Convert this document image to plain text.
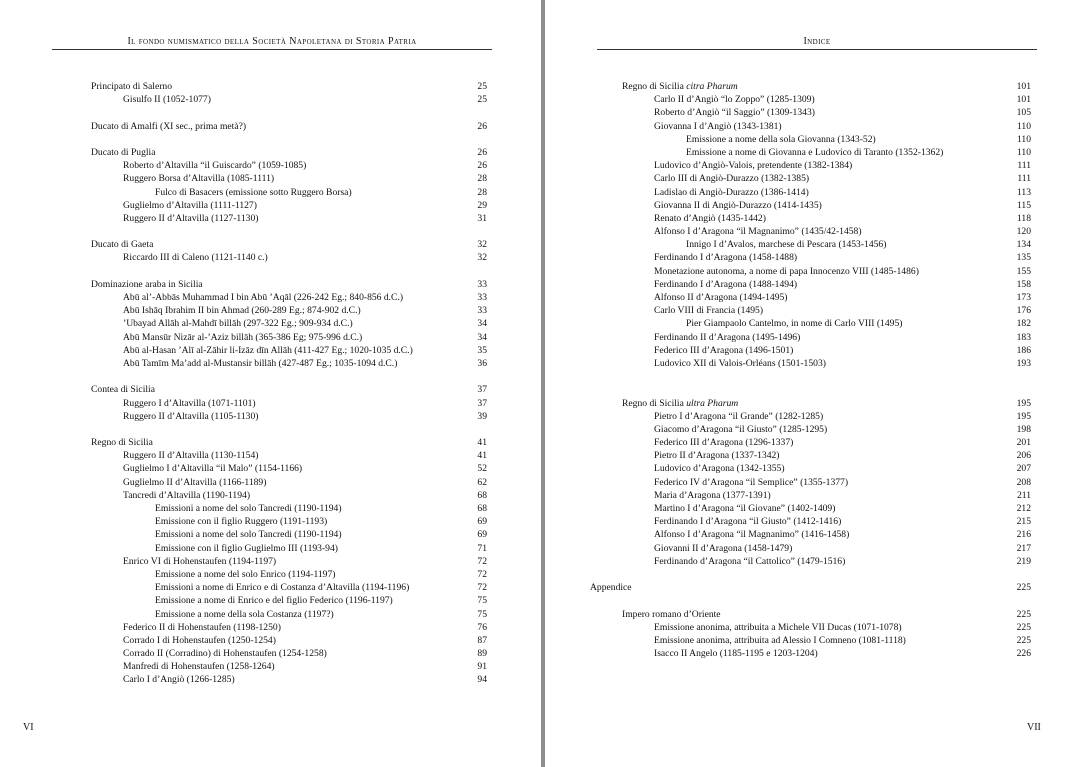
Il fondo numismatico della Società Napoletana di Storia Patria
Principato di Salerno	25
Gisulfo II (1052-1077)	25
Ducato di Amalfi (XI sec., prima metà?)	26
Ducato di Puglia	26
Roberto d’Altavilla “il Guiscardo” (1059-1085)	26
Ruggero Borsa d’Altavilla (1085-1111)	28
Fulco di Basacers (emissione sotto Ruggero Borsa)	28
Guglielmo d’Altavilla (1111-1127)	29
Ruggero II d’Altavilla (1127-1130)	31
Ducato di Gaeta	32
Riccardo III di Caleno (1121-1140 c.)	32
Dominazione araba in Sicilia	33
Abū al’-Abbās Muhammad I bin Abū ’Aqāl (226-242 Eg.; 840-856 d.C.)	33
Abū Ishāq Ibrahim II bin Ahmad (260-289 Eg.; 874-902 d.C.)	33
’Ubayad Allāh al-Mahdī billāh (297-322 Eg.; 909-934 d.C.)	34
Abū Mansūr Nizār al-’Aziz billāh (365-386 Eg; 975-996 d.C.)	34
Abū al-Hasan ’Alī al-Zāhir li-Izāz dīn Allāh (411-427 Eg.; 1020-1035 d.C.)	35
Abū Tamīm Ma’add al-Mustansir billāh (427-487 Eg.; 1035-1094 d.C.)	36
Contea di Sicilia	37
Ruggero I d’Altavilla (1071-1101)	37
Ruggero II d’Altavilla (1105-1130)	39
Regno di Sicilia	41
Ruggero II d’Altavilla (1130-1154)	41
Guglielmo I d’Altavilla “il Malo” (1154-1166)	52
Guglielmo II d’Altavilla (1166-1189)	62
Tancredi d’Altavilla (1190-1194)	68
Emissioni a nome del solo Tancredi (1190-1194)	68
Emissione con il figlio Ruggero (1191-1193)	69
Emissioni a nome del solo Tancredi (1190-1194)	69
Emissione con il figlio Guglielmo III (1193-94)	71
Enrico VI di Hohenstaufen (1194-1197)	72
Emissione a nome del solo Enrico (1194-1197)	72
Emissioni a nome di Enrico e di Costanza d’Altavilla (1194-1196)	72
Emissione a nome di Enrico e del figlio Federico (1196-1197)	75
Emissione a nome della sola Costanza (1197?)	75
Federico II di Hohenstaufen (1198-1250)	76
Corrado I di Hohenstaufen (1250-1254)	87
Corrado II (Corradino) di Hohenstaufen (1254-1258)	89
Manfredi di Hohenstaufen (1258-1264)	91
Carlo I d’Angiò (1266-1285)	94
VI
Indice
Regno di Sicilia citra Pharum	101
Carlo II d’Angiò “lo Zoppo” (1285-1309)	101
Roberto d’Angiò “il Saggio” (1309-1343)	105
Giovanna I d’Angiò (1343-1381)	110
Emissione a nome della sola Giovanna (1343-52)	110
Emissione a nome di Giovanna e Ludovico di Taranto (1352-1362)	110
Ludovico d’Angiò-Valois, pretendente (1382-1384)	111
Carlo III di Angiò-Durazzo (1382-1385)	111
Ladislao di Angiò-Durazzo (1386-1414)	113
Giovanna II di Angiò-Durazzo (1414-1435)	115
Renato d’Angiò (1435-1442)	118
Alfonso I d’Aragona “il Magnanimo” (1435/42-1458)	120
Innigo I d’Avalos, marchese di Pescara (1453-1456)	134
Ferdinando I d’Aragona (1458-1488)	135
Monetazione autonoma, a nome di papa Innocenzo VIII (1485-1486)	155
Ferdinando I d’Aragona (1488-1494)	158
Alfonso II d’Aragona (1494-1495)	173
Carlo VIII di Francia (1495)	176
Pier Giampaolo Cantelmo, in nome di Carlo VIII (1495)	182
Ferdinando II d’Aragona (1495-1496)	183
Federico III d’Aragona (1496-1501)	186
Ludovico XII di Valois-Orléans (1501-1503)	193
Regno di Sicilia ultra Pharum	195
Pietro I d’Aragona “il Grande” (1282-1285)	195
Giacomo d’Aragona “il Giusto” (1285-1295)	198
Federico III d’Aragona (1296-1337)	201
Pietro II d’Aragona (1337-1342)	206
Ludovico d’Aragona (1342-1355)	207
Federico IV d’Aragona “il Semplice” (1355-1377)	208
Maria d’Aragona (1377-1391)	211
Martino I d’Aragona “il Giovane” (1402-1409)	212
Ferdinando I d’Aragona “il Giusto” (1412-1416)	215
Alfonso I d’Aragona “il Magnanimo” (1416-1458)	216
Giovanni II d’Aragona (1458-1479)	217
Ferdinando d’Aragona “il Cattolico” (1479-1516)	219
Appendice	225
Impero romano d’Oriente	225
Emissione anonima, attribuita a Michele VII Ducas (1071-1078)	225
Emissione anonima, attribuita ad Alessio I Comneno (1081-1118)	225
Isacco II Angelo (1185-1195 e 1203-1204)	226
VII
